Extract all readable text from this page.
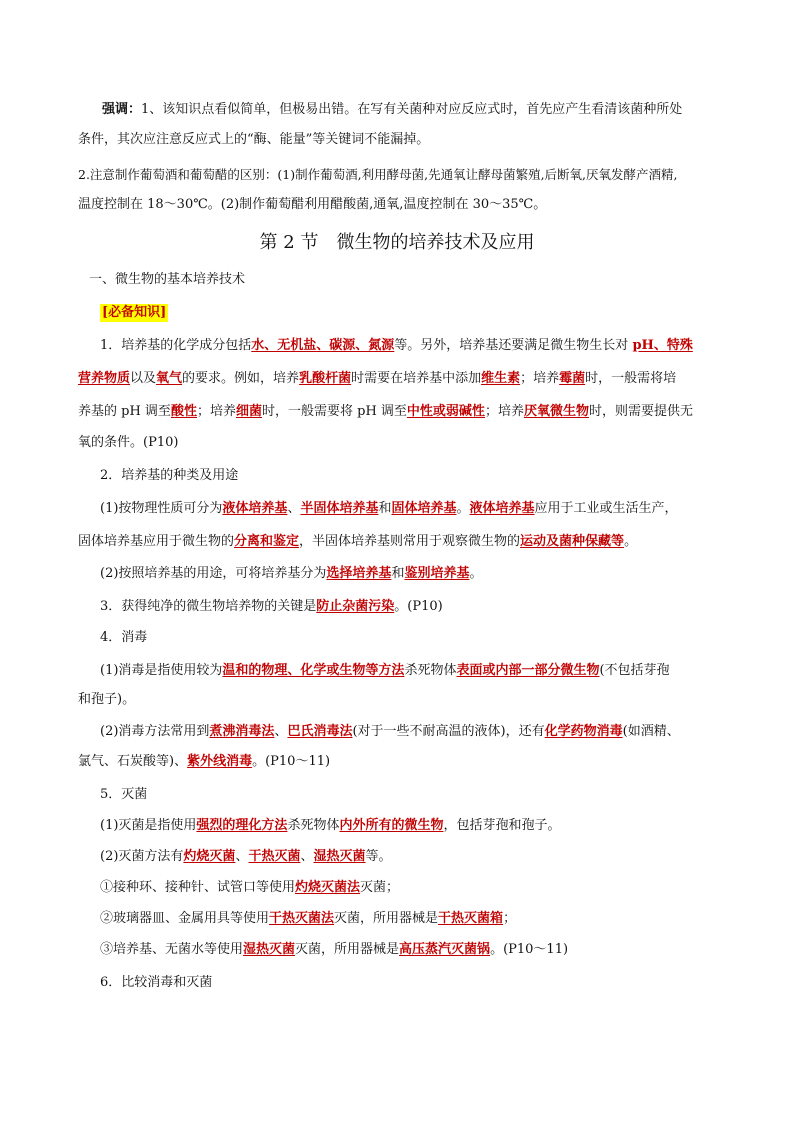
强调：1、该知识点看似简单，但极易出错。在写有关菌种对应反应式时，首先应产生看清该菌种所处
条件，其次应注意反应式上的“酶、能量”等关键词不能漏掉。
2.注意制作葡萄酒和葡萄醋的区别：(1)制作葡萄酒,利用酵母菌,先通氧让酵母菌繁殖,后断氧,厌氧发酵产酒精,
温度控制在 18～30℃。(2)制作葡萄醋利用醋酸菌,通氧,温度控制在 30～35℃。
第 2 节　微生物的培养技术及应用
一、微生物的基本培养技术
[必备知识]
1．培养基的化学成分包括水、无机盐、碳源、氮源等。另外，培养基还要满足微生物生长对 pH、特殊
营养物质以及氧气的要求。例如，培养乳酸杆菌时需要在培养基中添加维生素；培养霉菌时，一般需将培
养基的 pH 调至酸性；培养细菌时，一般需要将 pH 调至中性或弱碱性；培养厌氧微生物时，则需要提供无
氧的条件。(P10)
2．培养基的种类及用途
(1)按物理性质可分为液体培养基、半固体培养基和固体培养基。液体培养基应用于工业或生活生产，
固体培养基应用于微生物的分离和鉴定，半固体培养基则常用于观察微生物的运动及菌种保藏等。
(2)按照培养基的用途，可将培养基分为选择培养基和鉴别培养基。
3．获得纯净的微生物培养物的关键是防止杂菌污染。(P10)
4．消毒
(1)消毒是指使用较为温和的物理、化学或生物等方法杀死物体表面或内部一部分微生物(不包括芽孢
和孢子)。
(2)消毒方法常用到煮沸消毒法、巴氏消毒法(对于一些不耐高温的液体)，还有化学药物消毒(如酒精、
氯气、石炭酸等)、紫外线消毒。(P10～11)
5．灭菌
(1)灭菌是指使用强烈的理化方法杀死物体内外所有的微生物，包括芽孢和孢子。
(2)灭菌方法有灼烧灭菌、干热灭菌、湿热灭菌等。
①接种环、接种针、试管口等使用灼烧灭菌法灭菌；
②玻璃器皿、金属用具等使用干热灭菌法灭菌，所用器械是干热灭菌箱；
③培养基、无菌水等使用湿热灭菌灭菌，所用器械是高压蒸汽灭菌锅。(P10～11)
6．比较消毒和灭菌
